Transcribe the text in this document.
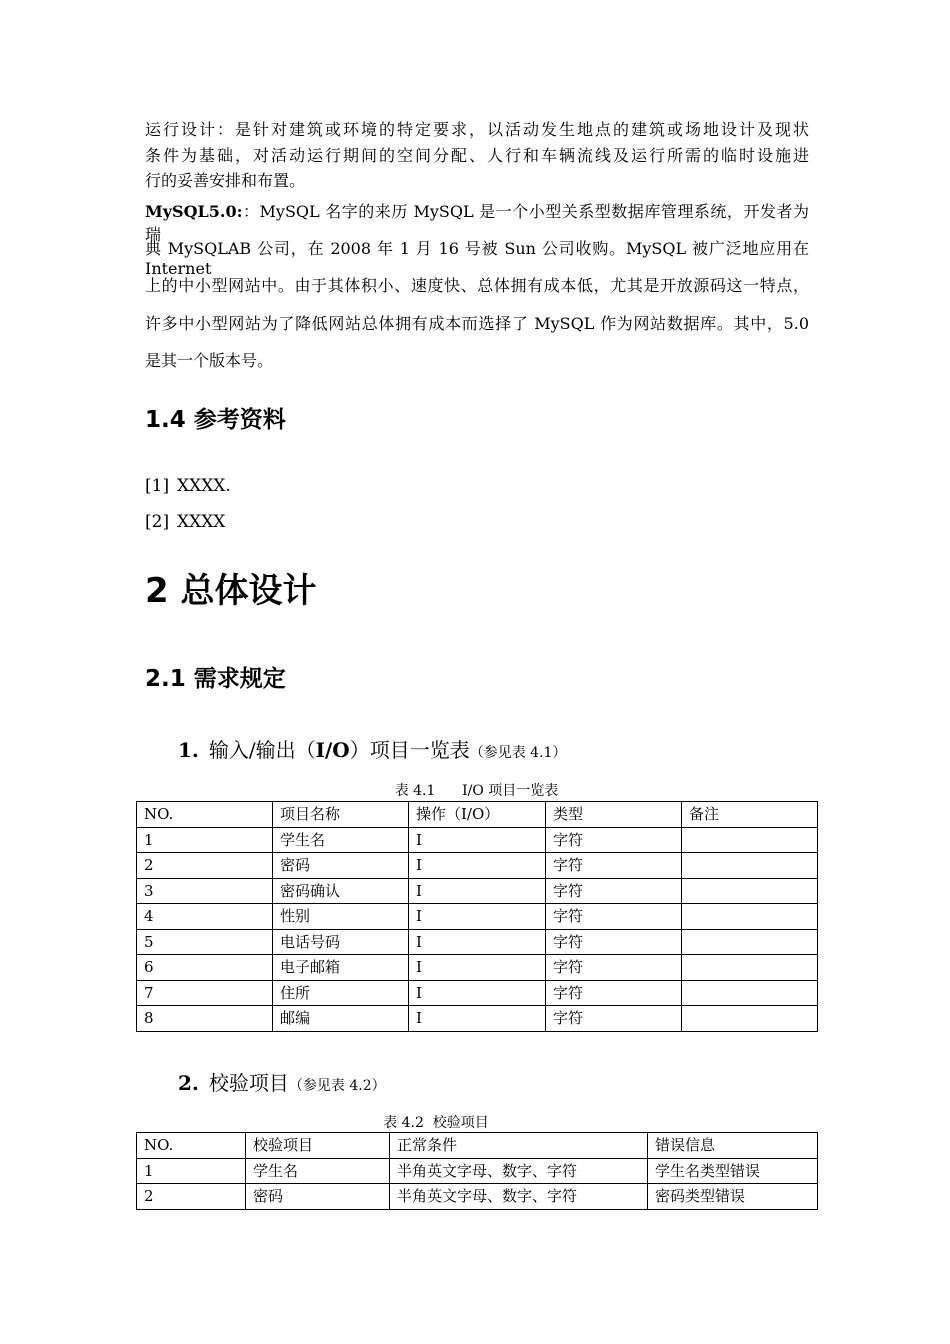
运行设计：是针对建筑或环境的特定要求，以活动发生地点的建筑或场地设计及现状

条件为基础，对活动运行期间的空间分配、人行和车辆流线及运行所需的临时设施进

行的妥善安排和布置。

MySQL5.0:：MySQL 名字的来历 MySQL 是一个小型关系型数据库管理系统，开发者为瑞

典 MySQLAB 公司，在 2008 年 1 月 16 号被 Sun 公司收购。MySQL 被广泛地应用在 Internet

上的中小型网站中。由于其体积小、速度快、总体拥有成本低，尤其是开放源码这一特点，

许多中小型网站为了降低网站总体拥有成本而选择了 MySQL 作为网站数据库。其中，5.0

是其一个版本号。

1.4 参考资料

[1] XXXX.

[2] XXXX

2 总体设计
2.1 需求规定

1. 输入/输出（I/O）项目一览表（参见表 4.1）

表 4.1      I/O 项目一览表

NO.	项目名称	操作（I/O）	类型	备注
1	学生名	I	字符	
2	密码	I	字符	
3	密码确认	I	字符	
4	性别	I	字符	
5	电话号码	I	字符	
6	电子邮箱	I	字符	
7	住所	I	字符	
8	邮编	I	字符	

2. 校验项目（参见表 4.2）

表 4.2  校验项目

NO.	校验项目	正常条件	错误信息
1	学生名	半角英文字母、数字、字符	学生名类型错误
2	密码	半角英文字母、数字、字符	密码类型错误
